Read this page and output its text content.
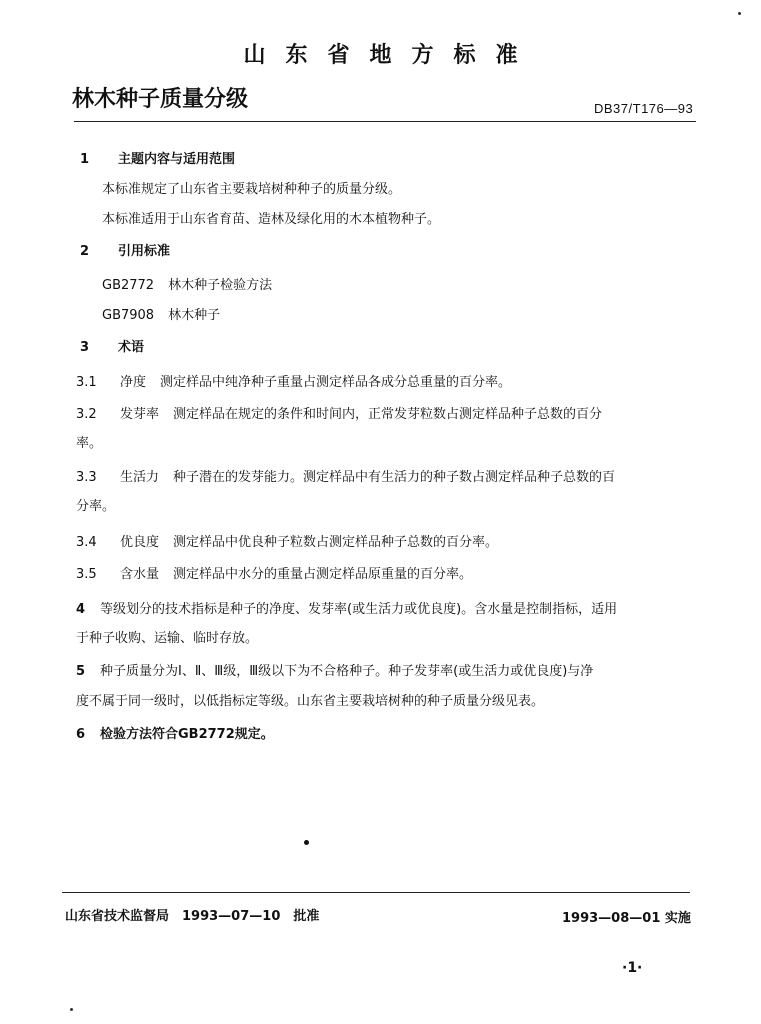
山东省地方标准
林木种子质量分级	DB37/T176—93
1 主题内容与适用范围
本标准规定了山东省主要栽培树种种子的质量分级。
本标准适用于山东省育苗、造林及绿化用的木本植物种子。
2 引用标准
GB2772 林木种子检验方法
GB7908 林木种子
3 术语
3.1 净度 测定样品中纯净种子重量占测定样品各成分总重量的百分率。
3.2 发芽率 测定样品在规定的条件和时间内，正常发芽粒数占测定样品种子总数的百分
率。
3.3 生活力 种子潜在的发芽能力。测定样品中有生活力的种子数占测定样品种子总数的百
分率。
3.4 优良度 测定样品中优良种子粒数占测定样品种子总数的百分率。
3.5 含水量 测定样品中水分的重量占测定样品原重量的百分率。
4 等级划分的技术指标是种子的净度、发芽率(或生活力或优良度)。含水量是控制指标，适用
于种子收购、运输、临时存放。
5 种子质量分为Ⅰ、Ⅱ、Ⅲ级，Ⅲ级以下为不合格种子。种子发芽率(或生活力或优良度)与净
度不属于同一级时，以低指标定等级。山东省主要栽培树种的种子质量分级见表。
6 检验方法符合GB2772规定。
山东省技术监督局　1993—07—10　批准	1993—08—01 实施
·1·
